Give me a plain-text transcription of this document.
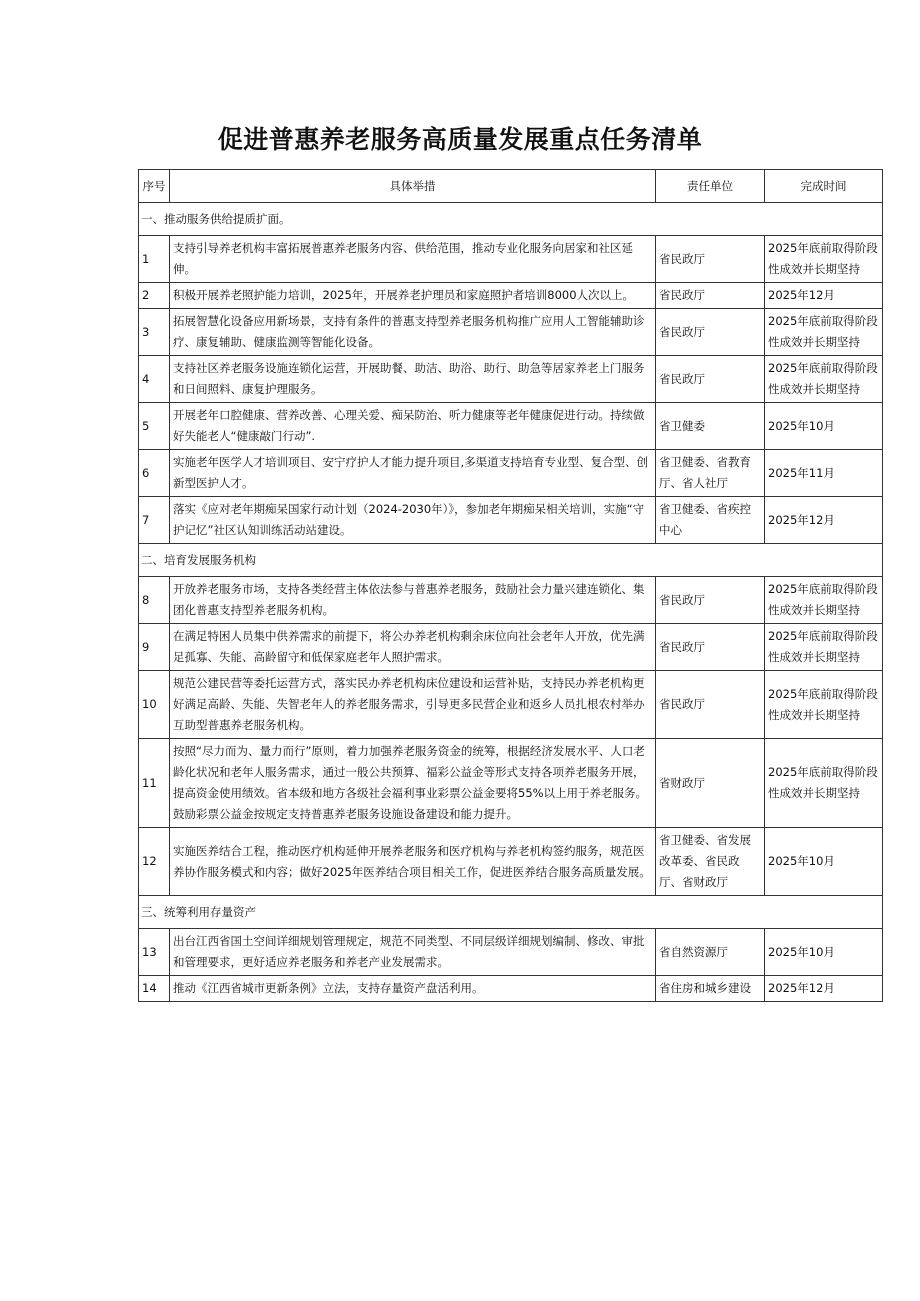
促进普惠养老服务高质量发展重点任务清单
序号	具体举措	责任单位	完成时间
一、推动服务供给提质扩面。			
1	支持引导养老机构丰富拓展普惠养老服务内容、供给范围，推动专业化服务向居家和社区延伸。	省民政厅	2025年底前取得阶段性成效并长期坚持
2	积极开展养老照护能力培训，2025年，开展养老护理员和家庭照护者培训8000人次以上。	省民政厅	2025年12月
3	拓展智慧化设备应用新场景，支持有条件的普惠支持型养老服务机构推广应用人工智能辅助诊疗、康复辅助、健康监测等智能化设备。	省民政厅	2025年底前取得阶段性成效并长期坚持
4	支持社区养老服务设施连锁化运营，开展助餐、助洁、助浴、助行、助急等居家养老上门服务和日间照料、康复护理服务。	省民政厅	2025年底前取得阶段性成效并长期坚持
5	开展老年口腔健康、营养改善、心理关爱、痴呆防治、听力健康等老年健康促进行动。持续做好失能老人“健康敲门行动”.	省卫健委	2025年10月
6	实施老年医学人才培训项目、安宁疗护人才能力提升项目,多渠道支持培育专业型、复合型、创新型医护人才。	省卫健委、省教育厅、省人社厅	2025年11月
7	落实《应对老年期痴呆国家行动计划（2024-2030年）》，参加老年期痴呆相关培训，实施“守护记忆”社区认知训练活动站建设。	省卫健委、省疾控中心	2025年12月
二、培育发展服务机构			
8	开放养老服务市场，支持各类经营主体依法参与普惠养老服务，鼓励社会力量兴建连锁化、集团化普惠支持型养老服务机构。	省民政厅	2025年底前取得阶段性成效并长期坚持
9	在满足特困人员集中供养需求的前提下，将公办养老机构剩余床位向社会老年人开放，优先满足孤寡、失能、高龄留守和低保家庭老年人照护需求。	省民政厅	2025年底前取得阶段性成效并长期坚持
10	规范公建民营等委托运营方式，落实民办养老机构床位建设和运营补贴，支持民办养老机构更好满足高龄、失能、失智老年人的养老服务需求，引导更多民营企业和返乡人员扎根农村举办互助型普惠养老服务机构。	省民政厅	2025年底前取得阶段性成效并长期坚持
11	按照“尽力而为、量力而行”原则，着力加强养老服务资金的统筹，根据经济发展水平、人口老龄化状况和老年人服务需求，通过一般公共预算、福彩公益金等形式支持各项养老服务开展，提高资金使用绩效。省本级和地方各级社会福利事业彩票公益金要将55%以上用于养老服务。鼓励彩票公益金按规定支持普惠养老服务设施设备建设和能力提升。	省财政厅	2025年底前取得阶段性成效并长期坚持
12	实施医养结合工程，推动医疗机构延伸开展养老服务和医疗机构与养老机构签约服务，规范医养协作服务模式和内容；做好2025年医养结合项目相关工作，促进医养结合服务高质量发展。	省卫健委、省发展改革委、省民政厅、省财政厅	2025年10月
三、统筹利用存量资产			
13	出台江西省国土空间详细规划管理规定，规范不同类型、不同层级详细规划编制、修改、审批和管理要求，更好适应养老服务和养老产业发展需求。	省自然资源厅	2025年10月
14	推动《江西省城市更新条例》立法，支持存量资产盘活利用。	省住房和城乡建设	2025年12月
